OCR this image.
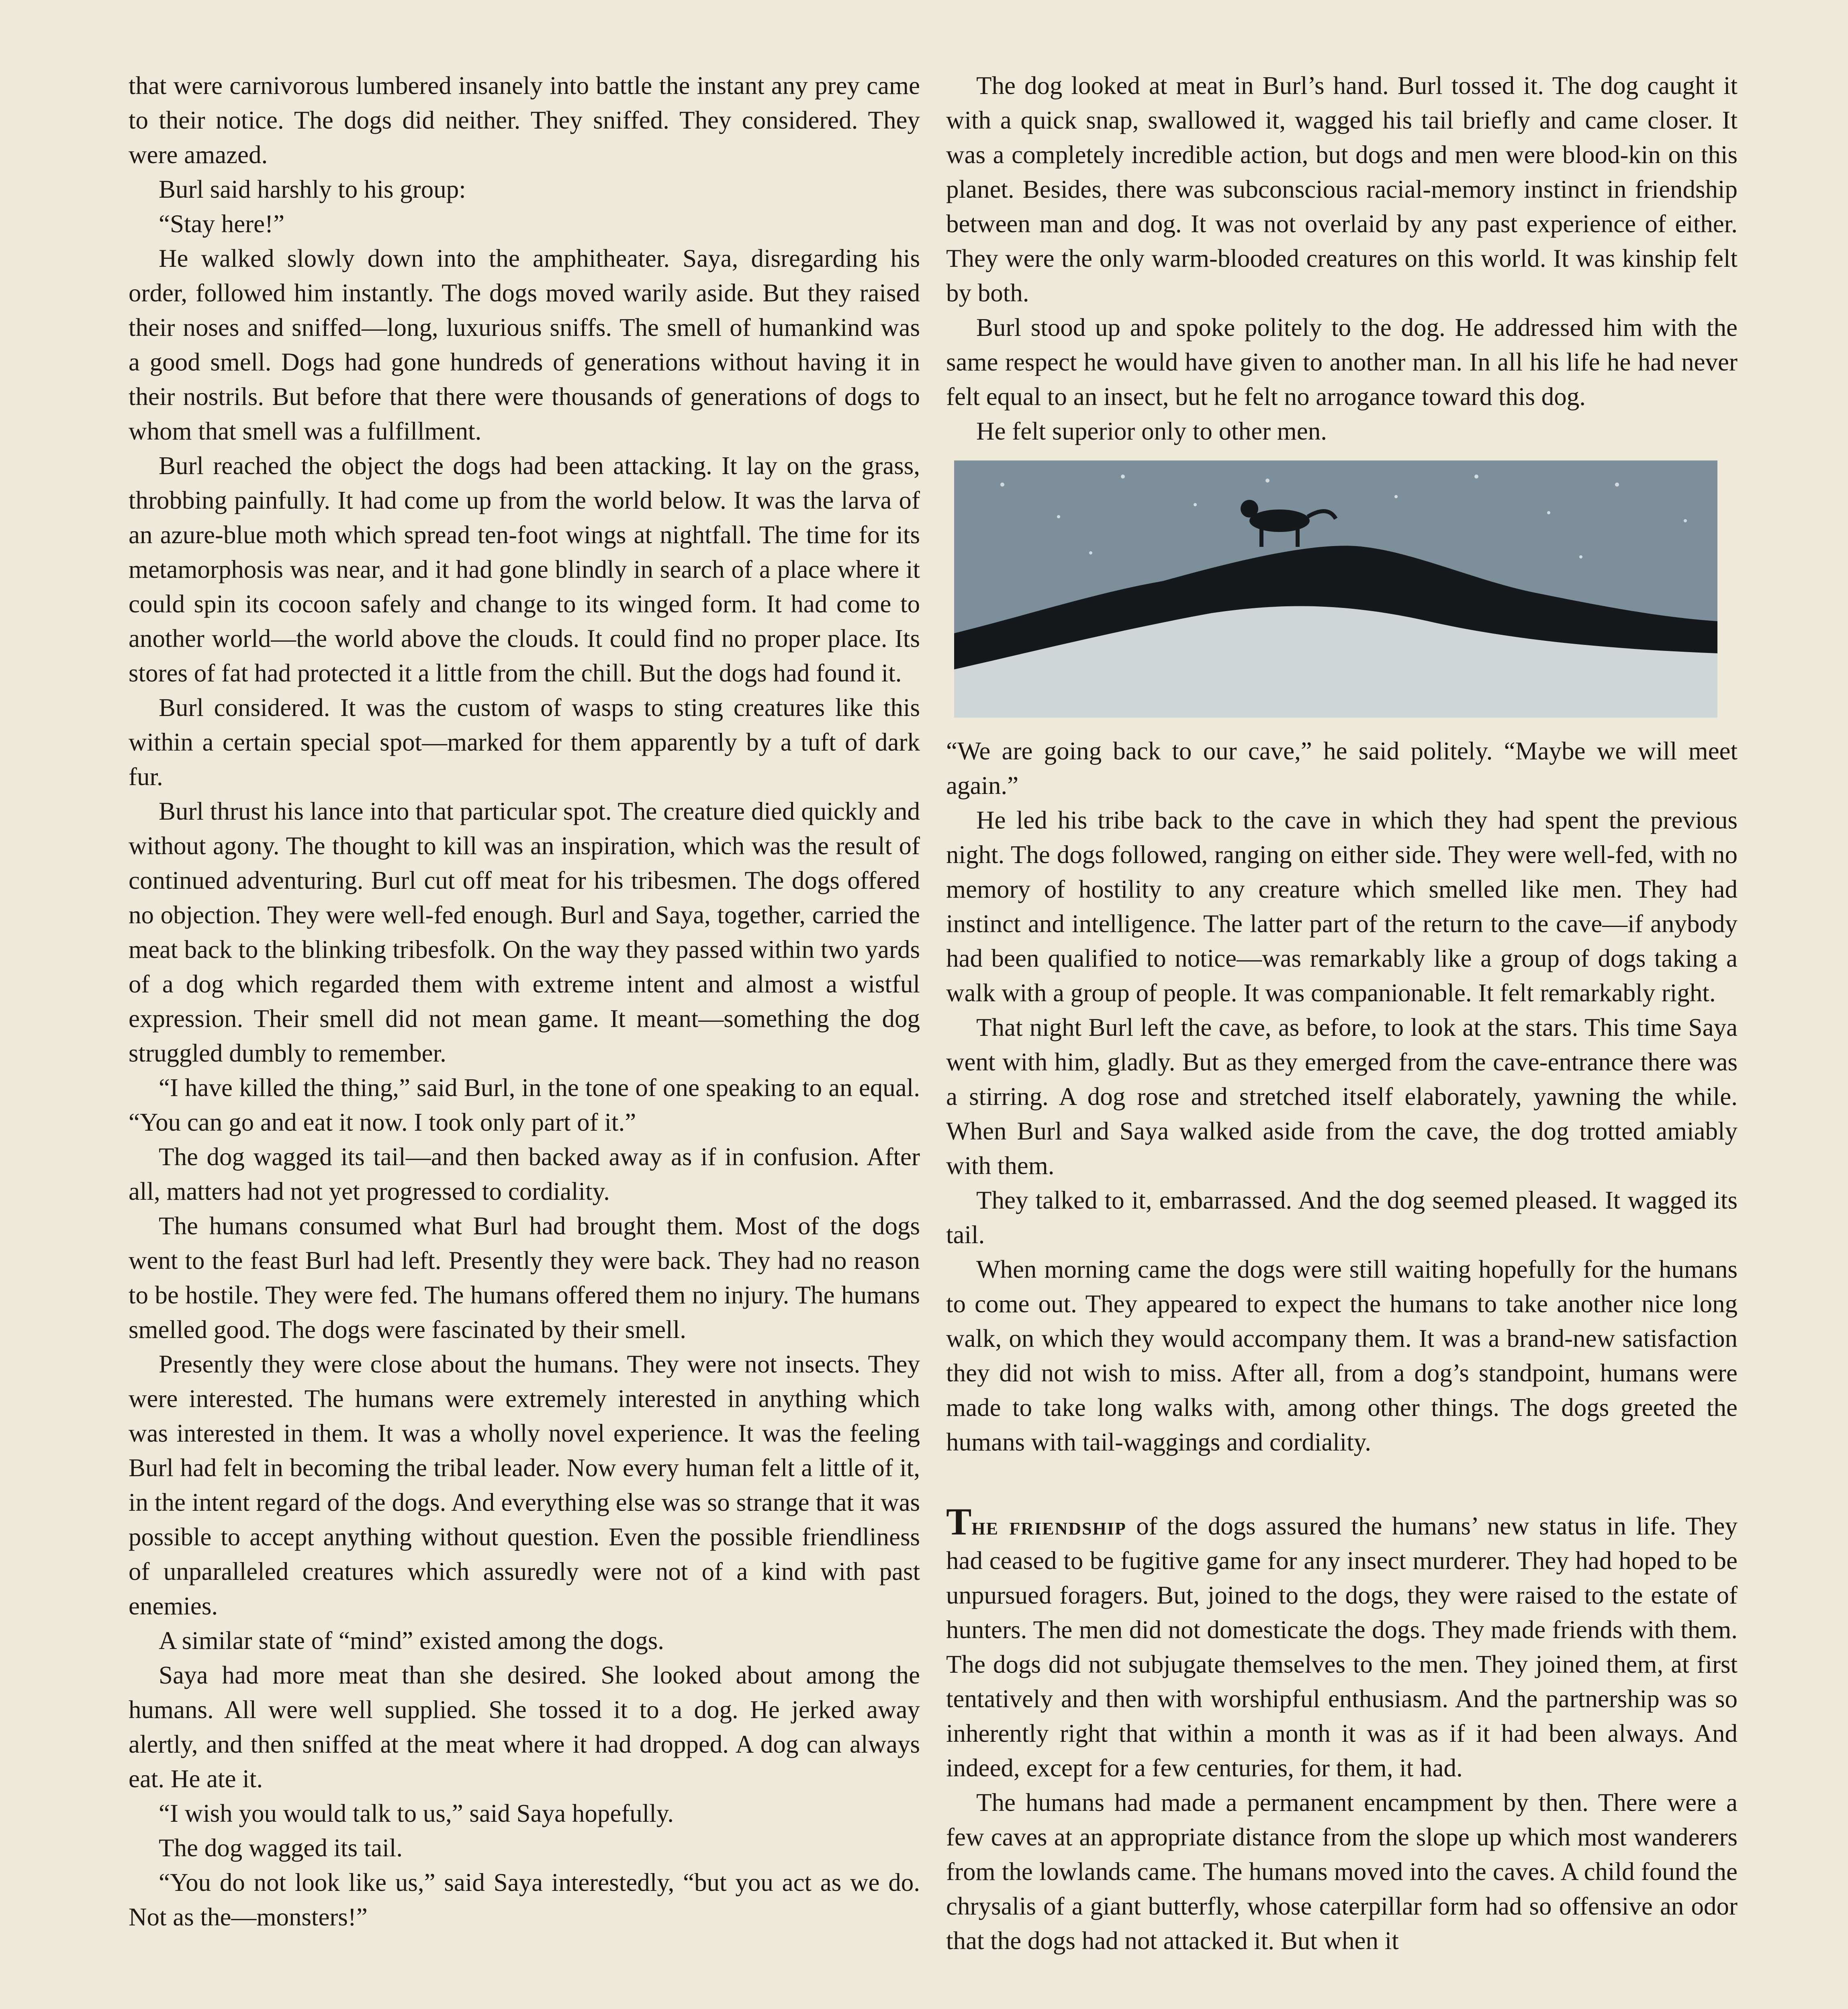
that were carnivorous lumbered insanely into battle the instant any prey came to their notice. The dogs did neither. They sniffed. They considered. They were amazed.

Burl said harshly to his group:

“Stay here!”

He walked slowly down into the amphitheater. Saya, disregarding his order, followed him instantly. The dogs moved warily aside. But they raised their noses and sniffed—long, luxurious sniffs. The smell of humankind was a good smell. Dogs had gone hundreds of generations without having it in their nostrils. But before that there were thousands of generations of dogs to whom that smell was a fulfillment.

Burl reached the object the dogs had been attacking. It lay on the grass, throbbing painfully. It had come up from the world below. It was the larva of an azure-blue moth which spread ten-foot wings at nightfall. The time for its metamorphosis was near, and it had gone blindly in search of a place where it could spin its cocoon safely and change to its winged form. It had come to another world—the world above the clouds. It could find no proper place. Its stores of fat had protected it a little from the chill. But the dogs had found it.

Burl considered. It was the custom of wasps to sting creatures like this within a certain special spot—marked for them apparently by a tuft of dark fur.

Burl thrust his lance into that particular spot. The creature died quickly and without agony. The thought to kill was an inspiration, which was the result of continued adventuring. Burl cut off meat for his tribesmen. The dogs offered no objection. They were well-fed enough. Burl and Saya, together, carried the meat back to the blinking tribesfolk. On the way they passed within two yards of a dog which regarded them with extreme intent and almost a wistful expression. Their smell did not mean game. It meant—something the dog struggled dumbly to remember.

“I have killed the thing,” said Burl, in the tone of one speaking to an equal. “You can go and eat it now. I took only part of it.”

The dog wagged its tail—and then backed away as if in confusion. After all, matters had not yet progressed to cordiality.

The humans consumed what Burl had brought them. Most of the dogs went to the feast Burl had left. Presently they were back. They had no reason to be hostile. They were fed. The humans offered them no injury. The humans smelled good. The dogs were fascinated by their smell.

Presently they were close about the humans. They were not insects. They were interested. The humans were extremely interested in anything which was interested in them. It was a wholly novel experience. It was the feeling Burl had felt in becoming the tribal leader. Now every human felt a little of it, in the intent regard of the dogs. And everything else was so strange that it was possible to accept anything without question. Even the possible friendliness of unparalleled creatures which assuredly were not of a kind with past enemies.

A similar state of “mind” existed among the dogs.

Saya had more meat than she desired. She looked about among the humans. All were well supplied. She tossed it to a dog. He jerked away alertly, and then sniffed at the meat where it had dropped. A dog can always eat. He ate it.

“I wish you would talk to us,” said Saya hopefully.

The dog wagged its tail.

“You do not look like us,” said Saya interestedly, “but you act as we do. Not as the—monsters!”

The dog looked at meat in Burl’s hand. Burl tossed it. The dog caught it with a quick snap, swallowed it, wagged his tail briefly and came closer. It was a completely incredible action, but dogs and men were blood-kin on this planet. Besides, there was subconscious racial-memory instinct in friendship between man and dog. It was not overlaid by any past experience of either. They were the only warm-blooded creatures on this world. It was kinship felt by both.

Burl stood up and spoke politely to the dog. He addressed him with the same respect he would have given to another man. In all his life he had never felt equal to an insect, but he felt no arrogance toward this dog.

He felt superior only to other men.

“We are going back to our cave,” he said politely. “Maybe we will meet again.”

He led his tribe back to the cave in which they had spent the previous night. The dogs followed, ranging on either side. They were well-fed, with no memory of hostility to any creature which smelled like men. They had instinct and intelligence. The latter part of the return to the cave—if anybody had been qualified to notice—was remarkably like a group of dogs taking a walk with a group of people. It was companionable. It felt remarkably right.

That night Burl left the cave, as before, to look at the stars. This time Saya went with him, gladly. But as they emerged from the cave-entrance there was a stirring. A dog rose and stretched itself elaborately, yawning the while. When Burl and Saya walked aside from the cave, the dog trotted amiably with them.

They talked to it, embarrassed. And the dog seemed pleased. It wagged its tail.

When morning came the dogs were still waiting hopefully for the humans to come out. They appeared to expect the humans to take another nice long walk, on which they would accompany them. It was a brand-new satisfaction they did not wish to miss. After all, from a dog’s standpoint, humans were made to take long walks with, among other things. The dogs greeted the humans with tail-waggings and cordiality.

The friendship of the dogs assured the humans’ new status in life. They had ceased to be fugitive game for any insect murderer. They had hoped to be unpursued foragers. But, joined to the dogs, they were raised to the estate of hunters. The men did not domesticate the dogs. They made friends with them. The dogs did not subjugate themselves to the men. They joined them, at first tentatively and then with worshipful enthusiasm. And the partnership was so inherently right that within a month it was as if it had been always. And indeed, except for a few centuries, for them, it had.

The humans had made a permanent encampment by then. There were a few caves at an appropriate distance from the slope up which most wanderers from the lowlands came. The humans moved into the caves. A child found the chrysalis of a giant butterfly, whose caterpillar form had so offensive an odor that the dogs had not attacked it. But when it
